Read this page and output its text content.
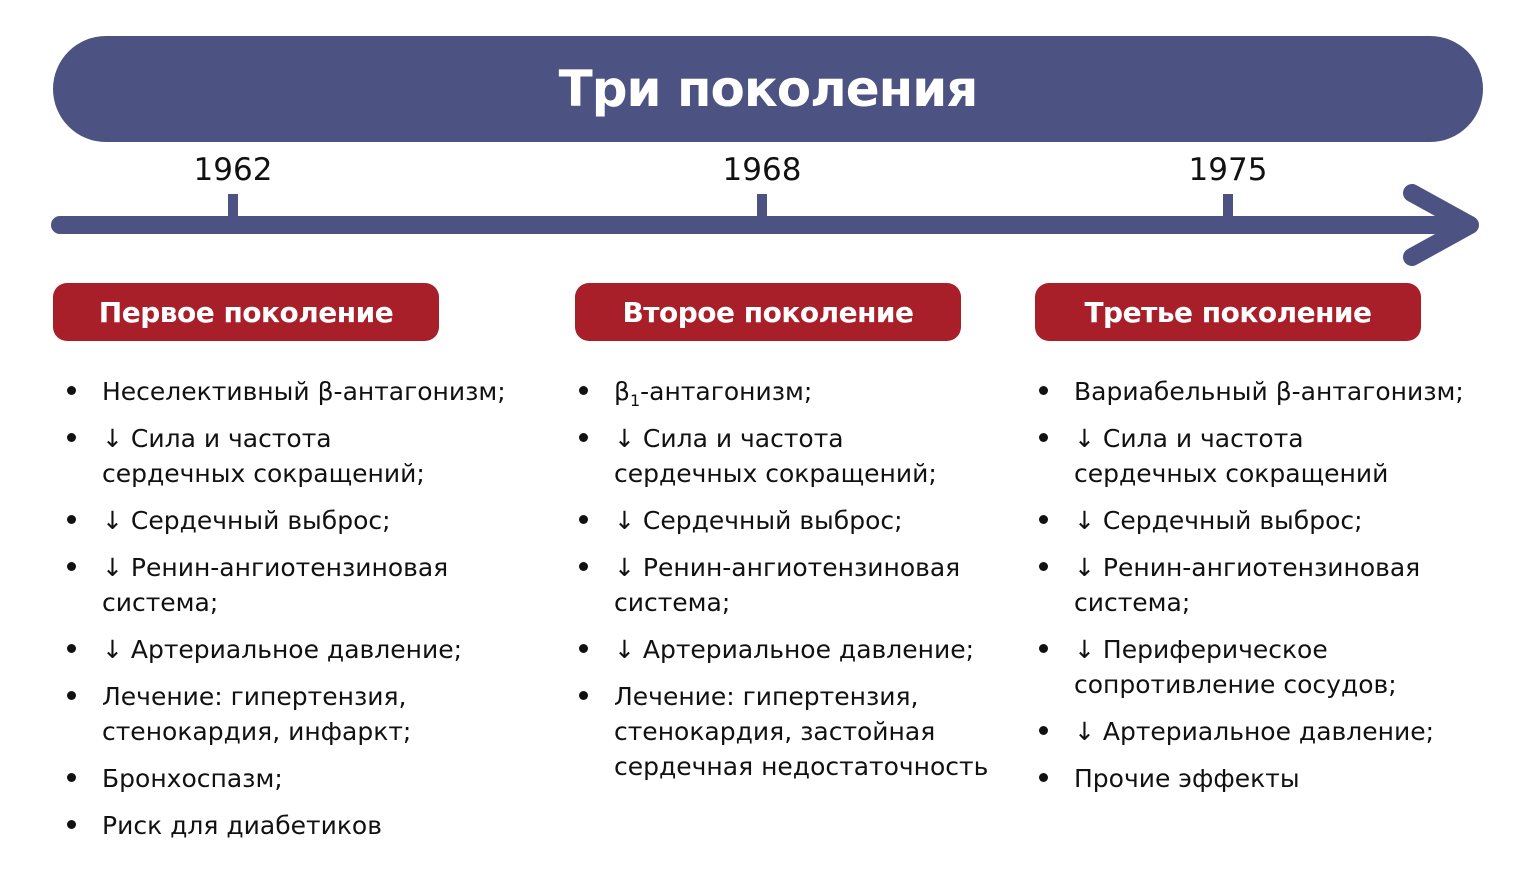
Три поколения
1962	1968	1975
Первое поколение	Второе поколение	Третье поколение
Неселективный β-антагонизм;
↓ Сила и частота
сердечных сокращений;
↓ Сердечный выброс;
↓ Ренин-ангиотензиновая
система;
↓ Артериальное давление;
Лечение: гипертензия,
стенокардия, инфаркт;
Бронхоспазм;
Риск для диабетиков
$\beta_1$-антагонизм;
↓ Сила и частота
сердечных сокращений;
↓ Сердечный выброс;
↓ Ренин-ангиотензиновая
система;
↓ Артериальное давление;
Лечение: гипертензия,
стенокардия, застойная
сердечная недостаточность
Вариабельный β-антагонизм;
↓ Сила и частота
сердечных сокращений
↓ Сердечный выброс;
↓ Ренин-ангиотензиновая
система;
↓ Периферическое
сопротивление сосудов;
↓ Артериальное давление;
Прочие эффекты
